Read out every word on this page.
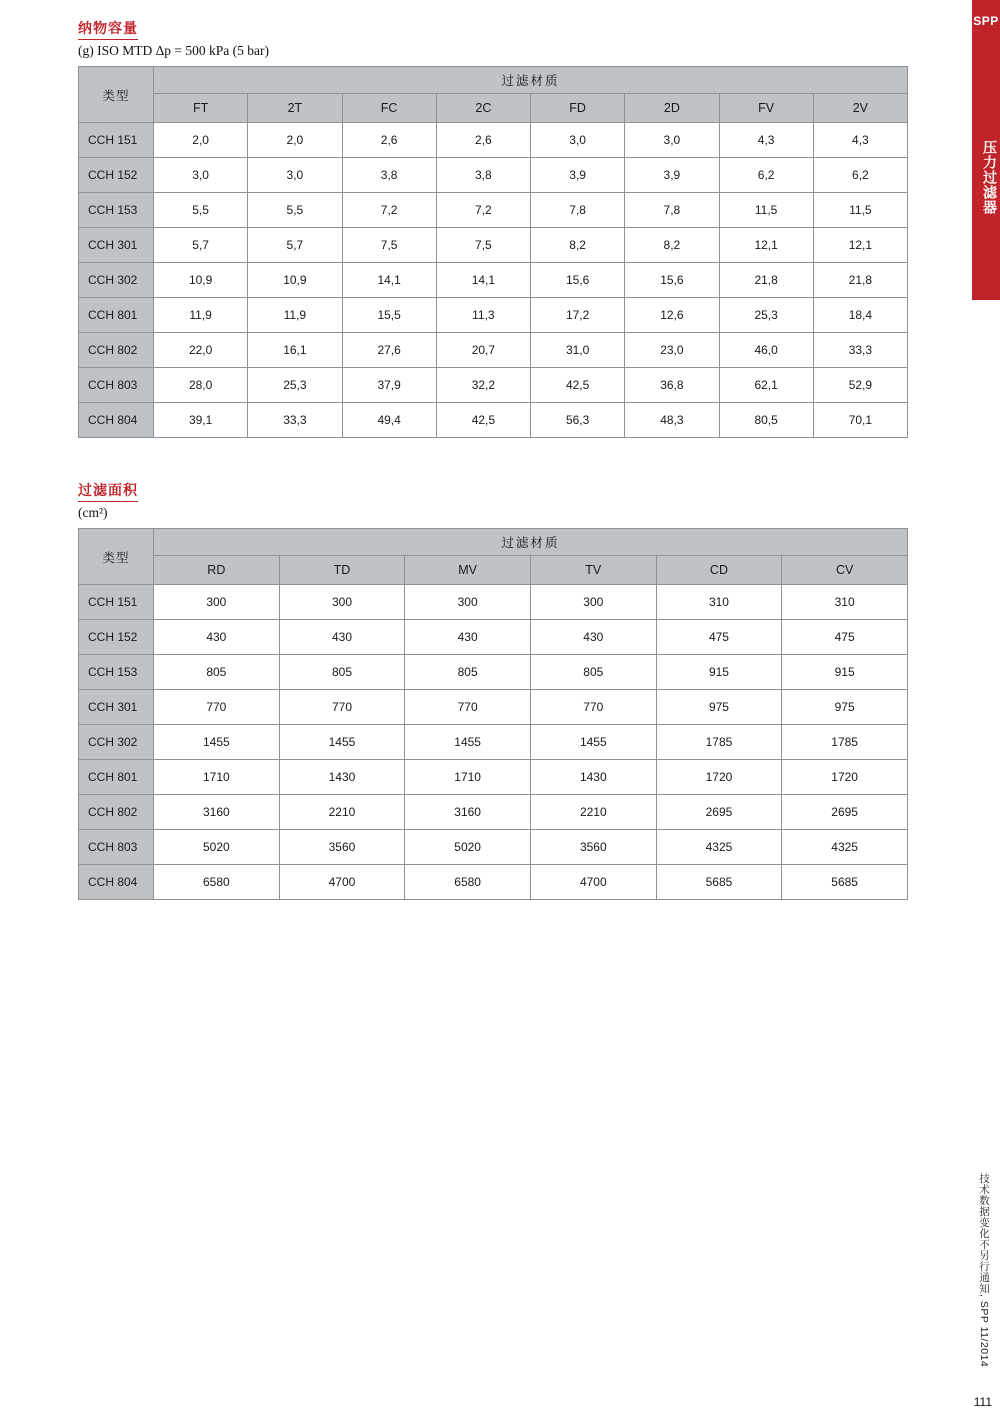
SPP
压力过滤器
纳物容量
(g) ISO MTD Δp = 500 kPa (5 bar)
类型	过滤材质							
	FT	2T	FC	2C	FD	2D	FV	2V
CCH 151	2,0	2,0	2,6	2,6	3,0	3,0	4,3	4,3
CCH 152	3,0	3,0	3,8	3,8	3,9	3,9	6,2	6,2
CCH 153	5,5	5,5	7,2	7,2	7,8	7,8	11,5	11,5
CCH 301	5,7	5,7	7,5	7,5	8,2	8,2	12,1	12,1
CCH 302	10,9	10,9	14,1	14,1	15,6	15,6	21,8	21,8
CCH 801	11,9	11,9	15,5	11,3	17,2	12,6	25,3	18,4
CCH 802	22,0	16,1	27,6	20,7	31,0	23,0	46,0	33,3
CCH 803	28,0	25,3	37,9	32,2	42,5	36,8	62,1	52,9
CCH 804	39,1	33,3	49,4	42,5	56,3	48,3	80,5	70,1
过滤面积
(cm²)
类型	过滤材质					
	RD	TD	MV	TV	CD	CV
CCH 151	300	300	300	300	310	310
CCH 152	430	430	430	430	475	475
CCH 153	805	805	805	805	915	915
CCH 301	770	770	770	770	975	975
CCH 302	1455	1455	1455	1455	1785	1785
CCH 801	1710	1430	1710	1430	1720	1720
CCH 802	3160	2210	3160	2210	2695	2695
CCH 803	5020	3560	5020	3560	4325	4325
CCH 804	6580	4700	6580	4700	5685	5685
技术数据变化不另行通知, SPP 11/2014
111
